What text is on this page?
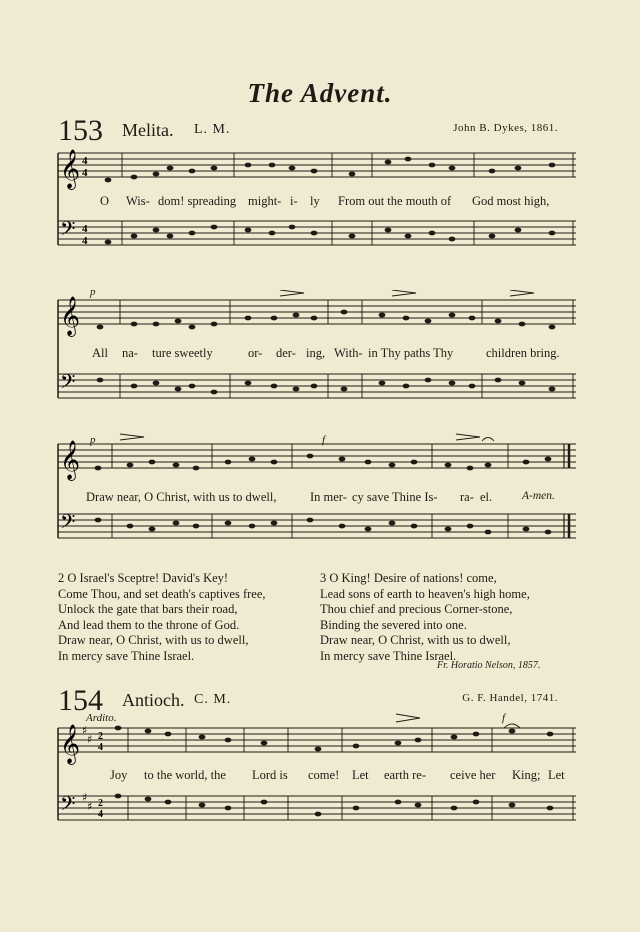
The Advent.
153 Melita. L. M.	John B. Dykes, 1861.
𝄞
𝄢
4
4
4
4
O Wis- dom! spreading might- i- ly From out the mouth of God most high,
p
𝄞
𝄢
All na- ture sweetly	or- der- ing, With- in Thy paths Thy	children bring.
p	f
𝄞
𝄢
Draw near, O Christ, with us to dwell,	In mer- cy save Thine Is- ra- el.	A-men.
2 O Israel's Sceptre! David's Key!
Come Thou, and set death's captives free,
Unlock the gate that bars their road,
And lead them to the throne of God.
Draw near, O Christ, with us to dwell,
In mercy save Thine Israel.
3 O King! Desire of nations! come,
Lead sons of earth to heaven's high home,
Thou chief and precious Corner-stone,
Binding the severed into one.
Draw near, O Christ, with us to dwell,
In mercy save Thine Israel.
Fr. Horatio Nelson, 1857.
154 Antioch. C. M.	G. F. Handel, 1741.
Ardito.	f
𝄞
𝄢
♯
♯ 2
4
♯
♯ 2
4
Joy to the world, the Lord is come! Let earth re- ceive her King; Let
